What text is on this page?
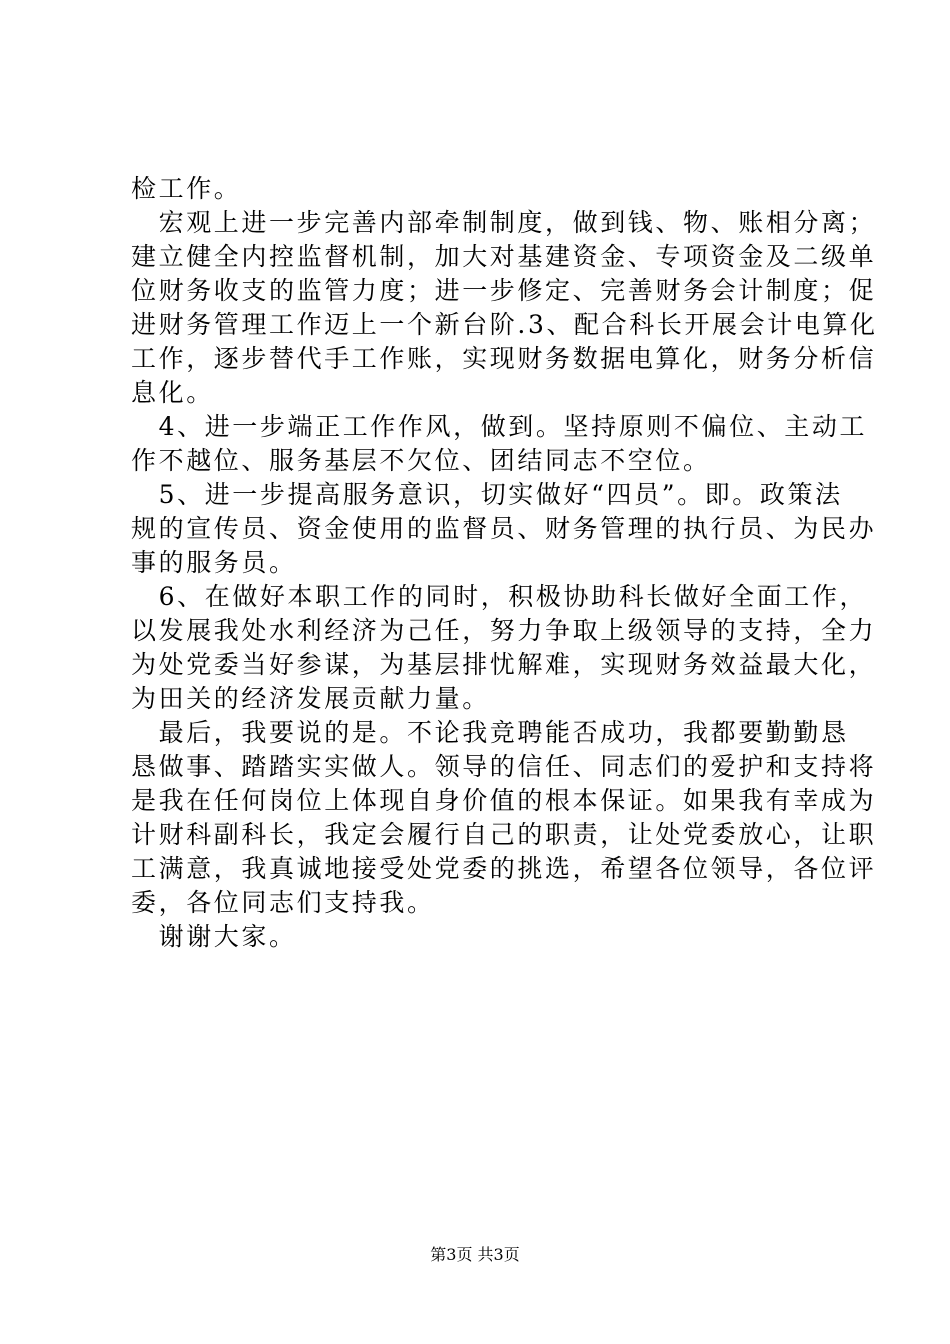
检工作。
　宏观上进一步完善内部牵制制度，做到钱、物、账相分离；
建立健全内控监督机制，加大对基建资金、专项资金及二级单
位财务收支的监管力度；进一步修定、完善财务会计制度；促
进财务管理工作迈上一个新台阶.3、配合科长开展会计电算化
工作，逐步替代手工作账，实现财务数据电算化，财务分析信
息化。
　4、进一步端正工作作风，做到。坚持原则不偏位、主动工
作不越位、服务基层不欠位、团结同志不空位。
　5、进一步提高服务意识，切实做好“四员”。即。政策法
规的宣传员、资金使用的监督员、财务管理的执行员、为民办
事的服务员。
　6、在做好本职工作的同时，积极协助科长做好全面工作，
以发展我处水利经济为己任，努力争取上级领导的支持，全力
为处党委当好参谋，为基层排忧解难，实现财务效益最大化，
为田关的经济发展贡献力量。
　最后，我要说的是。不论我竞聘能否成功，我都要勤勤恳
恳做事、踏踏实实做人。领导的信任、同志们的爱护和支持将
是我在任何岗位上体现自身价值的根本保证。如果我有幸成为
计财科副科长，我定会履行自己的职责，让处党委放心，让职
工满意，我真诚地接受处党委的挑选，希望各位领导，各位评
委，各位同志们支持我。
　谢谢大家。
第3页 共3页
